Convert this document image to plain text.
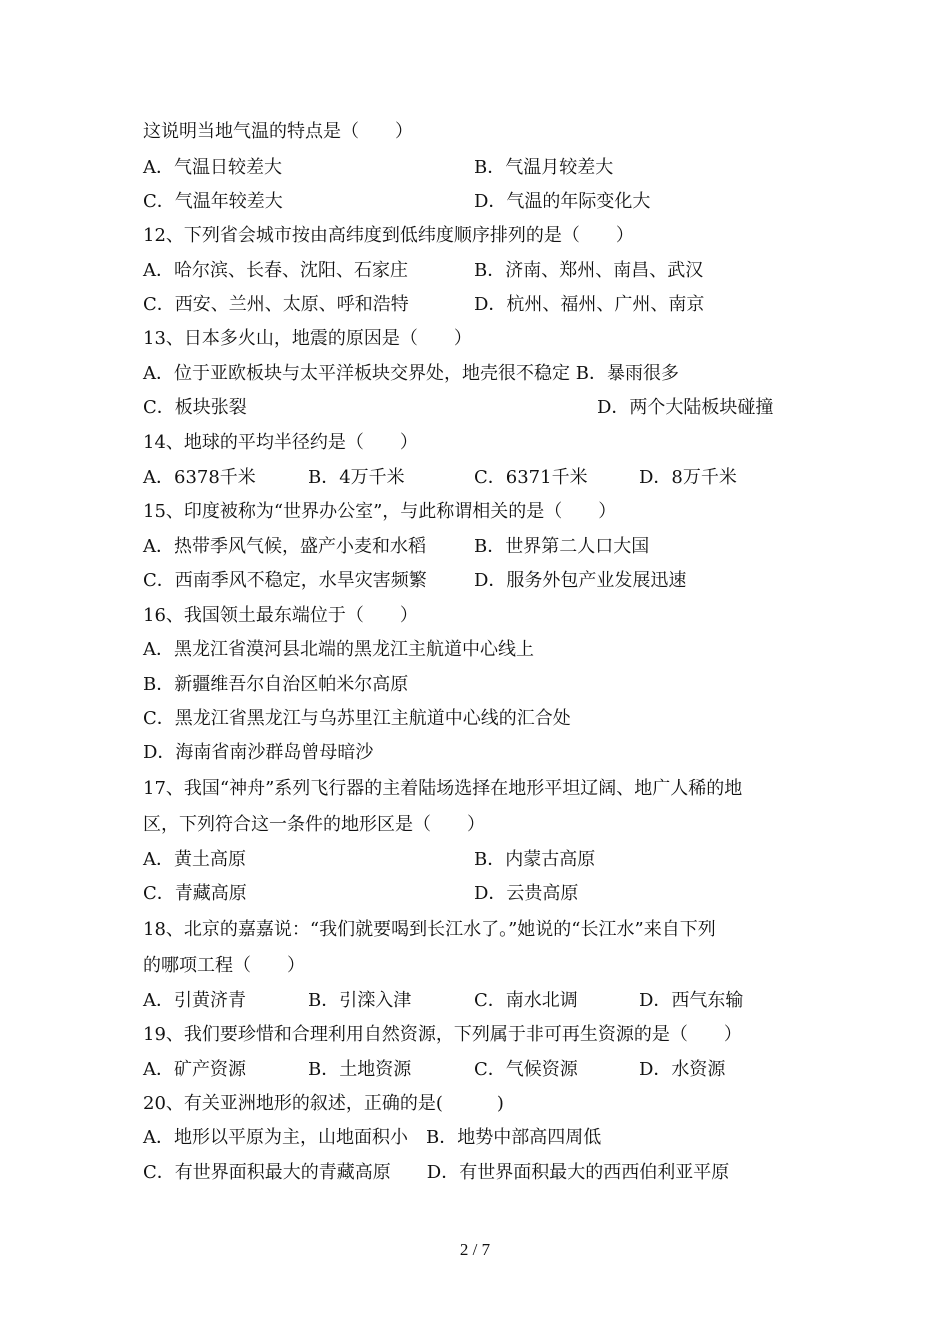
这说明当地气温的特点是（　　）
A．气温日较差大	B．气温月较差大
C．气温年较差大	D．气温的年际变化大
12、下列省会城市按由高纬度到低纬度顺序排列的是（　　）
A．哈尔滨、长春、沈阳、石家庄	B．济南、郑州、南昌、武汉
C．西安、兰州、太原、呼和浩特	D．杭州、福州、广州、南京
13、日本多火山，地震的原因是（　　）
A．位于亚欧板块与太平洋板块交界处，地壳很不稳定 B．暴雨很多
C．板块张裂	D．两个大陆板块碰撞
14、地球的平均半径约是（　　）
A．6378千米	B．4万千米	C．6371千米	D．8万千米
15、印度被称为“世界办公室”，与此称谓相关的是（　　）
A．热带季风气候，盛产小麦和水稻	B．世界第二人口大国
C．西南季风不稳定，水旱灾害频繁	D．服务外包产业发展迅速
16、我国领土最东端位于（　　）
A．黑龙江省漠河县北端的黑龙江主航道中心线上
B．新疆维吾尔自治区帕米尔高原
C．黑龙江省黑龙江与乌苏里江主航道中心线的汇合处
D．海南省南沙群岛曾母暗沙
17、我国“神舟”系列飞行器的主着陆场选择在地形平坦辽阔、地广人稀的地
区，下列符合这一条件的地形区是（　　）
A．黄土高原	B．内蒙古高原
C．青藏高原	D．云贵高原
18、北京的嘉嘉说：“我们就要喝到长江水了。”她说的“长江水”来自下列
的哪项工程（　　）
A．引黄济青	B．引滦入津	C．南水北调	D．西气东输
19、我们要珍惜和合理利用自然资源，下列属于非可再生资源的是（　　）
A．矿产资源	B．土地资源	C．气候资源	D．水资源
20、有关亚洲地形的叙述，正确的是(　　　)
A．地形以平原为主，山地面积小　B．地势中部高四周低
C．有世界面积最大的青藏高原　　D．有世界面积最大的西西伯利亚平原
2 / 7
